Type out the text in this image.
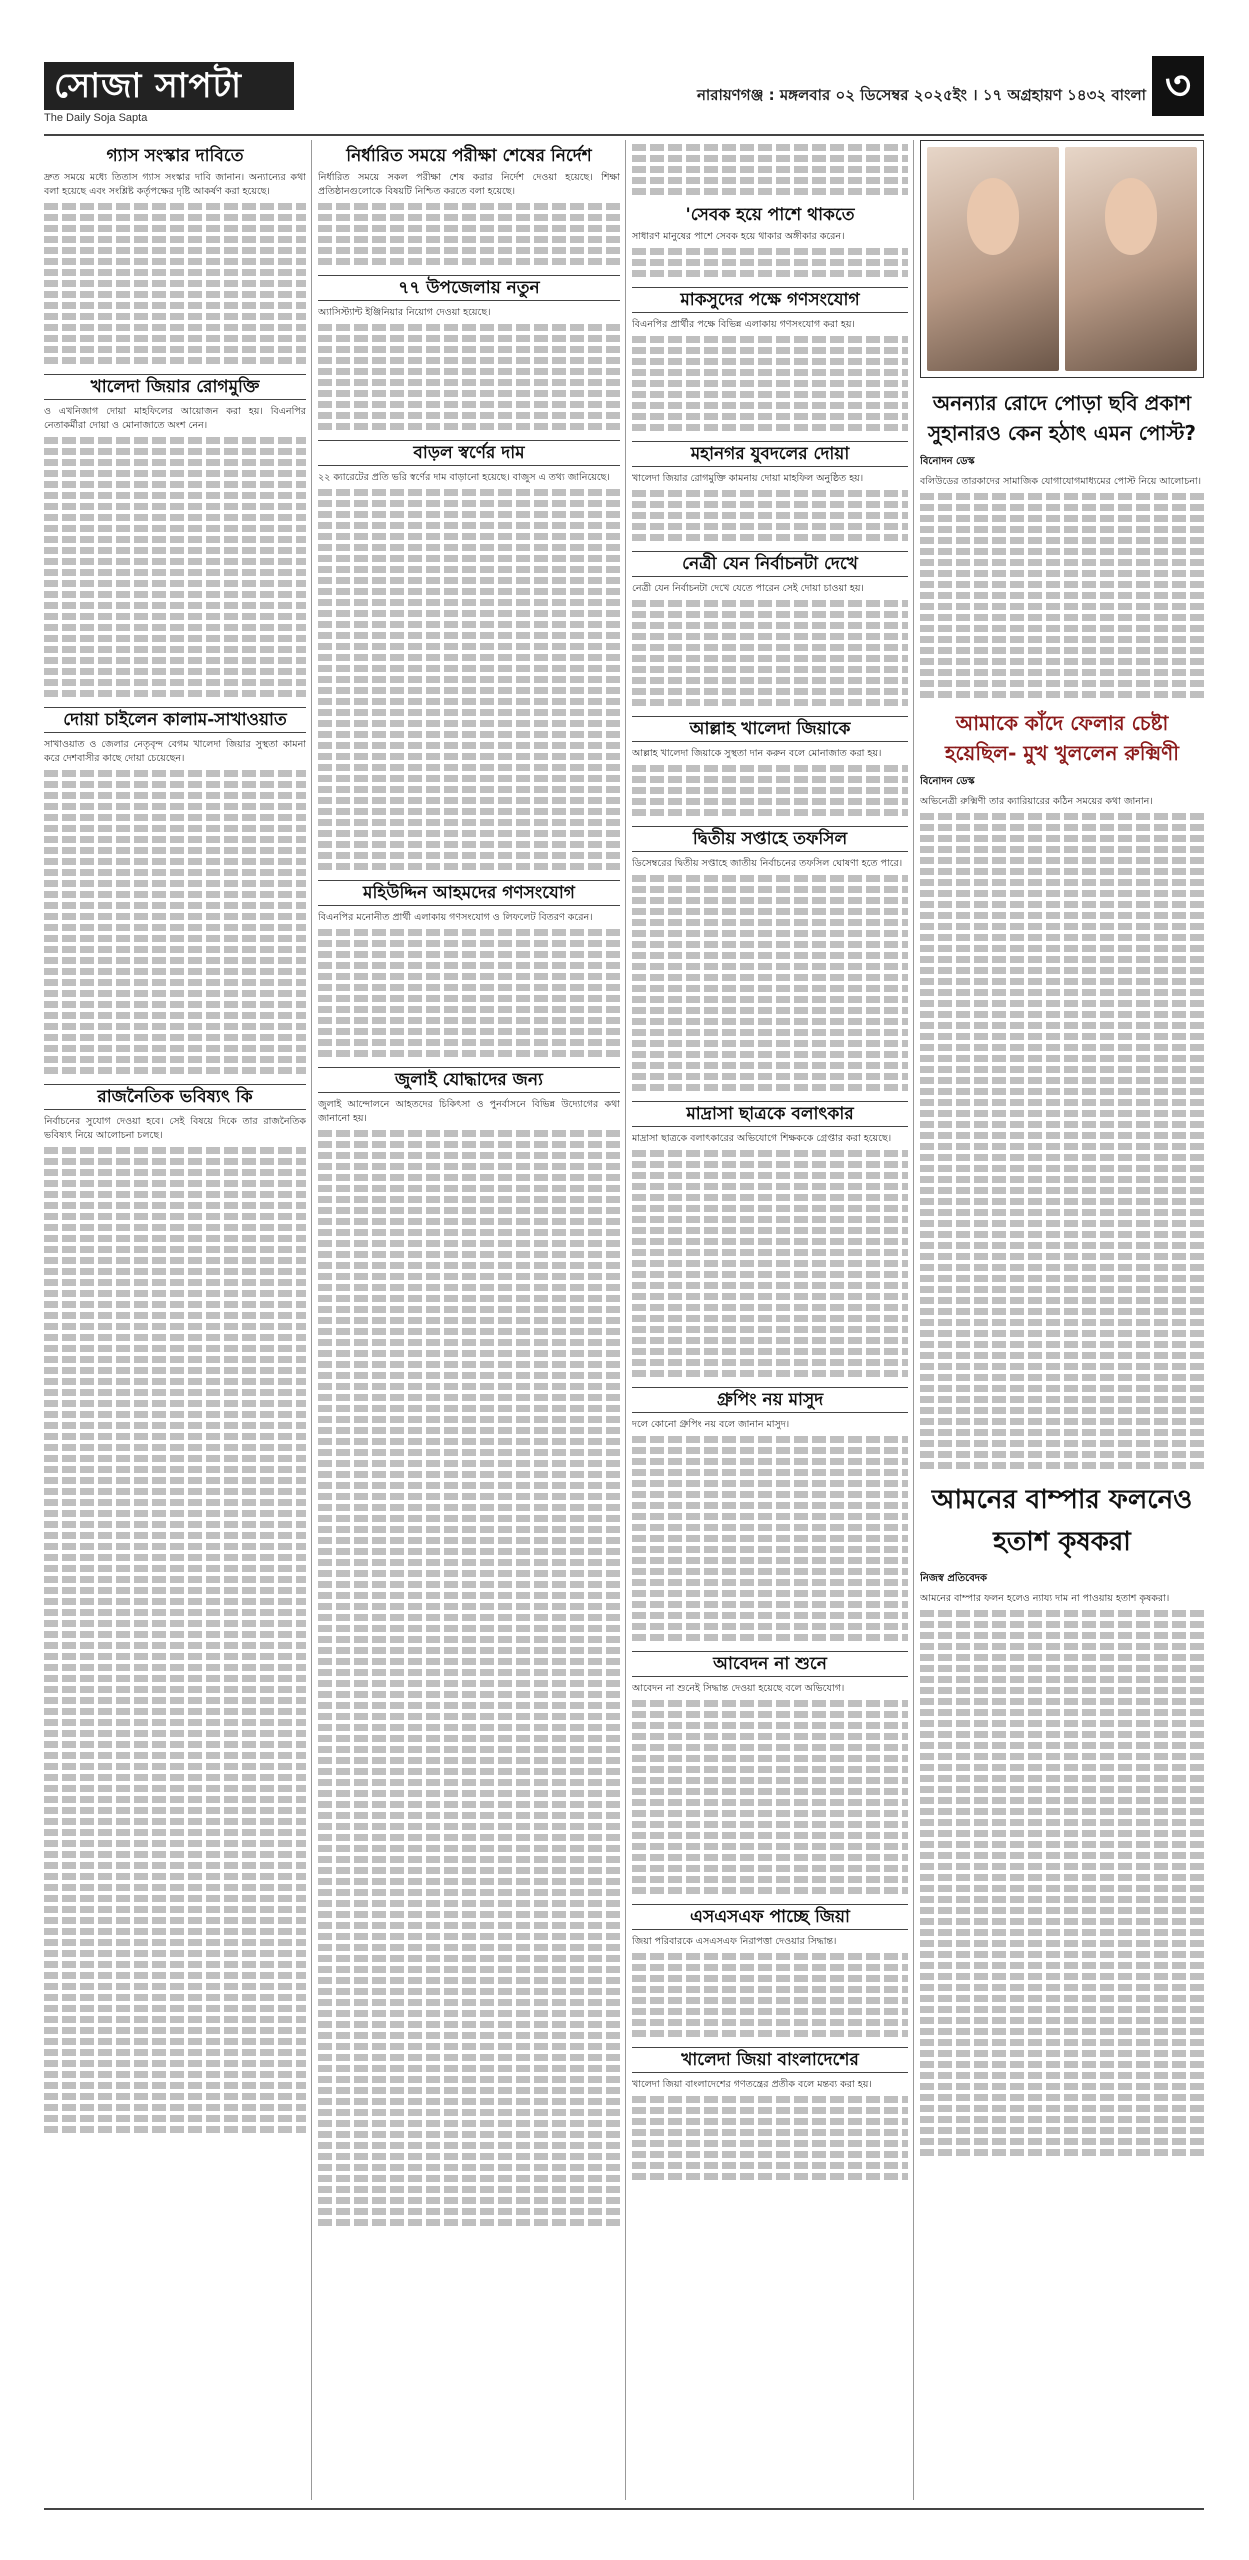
সোজা সাপটা
The Daily Soja Sapta
নারায়ণগঞ্জ : মঙ্গলবার ০২ ডিসেম্বর ২০২৫ইং । ১৭ অগ্রহায়ণ ১৪৩২ বাংলা ৩
গ্যাস সংস্কার দাবিতে

দ্রুত সময়ে মধ্যে তিতাস গ্যাস সংস্কার দাবি জানান। অন্যান্যের কথা বলা হয়েছে এবং সংশ্লিষ্ট কর্তৃপক্ষের দৃষ্টি আকর্ষণ করা হয়েছে।

খালেদা জিয়ার রোগমুক্তি

ও এখনিজাগ দোয়া মাহফিলের আয়োজন করা হয়। বিএনপির নেতাকর্মীরা দোয়া ও মোনাজাতে অংশ নেন।

দোয়া চাইলেন কালাম-সাখাওয়াত

সাখাওয়াত ও জেলার নেতৃবৃন্দ বেগম খালেদা জিয়ার সুস্থতা কামনা করে দেশবাসীর কাছে দোয়া চেয়েছেন।

রাজনৈতিক ভবিষ্যৎ কি

নির্বাচনের সুযোগ দেওয়া হবে। সেই বিষয়ে দিকে তার রাজনৈতিক ভবিষ্যৎ নিয়ে আলোচনা চলছে।

নির্ধারিত সময়ে পরীক্ষা শেষের নির্দেশ

নির্ধারিত সময়ে সকল পরীক্ষা শেষ করার নির্দেশ দেওয়া হয়েছে। শিক্ষা প্রতিষ্ঠানগুলোকে বিষয়টি নিশ্চিত করতে বলা হয়েছে।

৭৭ উপজেলায় নতুন

অ্যাসিস্ট্যান্ট ইঞ্জিনিয়ার নিয়োগ দেওয়া হয়েছে।

বাড়ল স্বর্ণের দাম

২২ ক্যারেটের প্রতি ভরি স্বর্ণের দাম বাড়ানো হয়েছে। বাজুস এ তথ্য জানিয়েছে।

মহিউদ্দিন আহমদের গণসংযোগ

বিএনপির মনোনীত প্রার্থী এলাকায় গণসংযোগ ও লিফলেট বিতরণ করেন।

জুলাই যোদ্ধাদের জন্য

জুলাই আন্দোলনে আহতদের চিকিৎসা ও পুনর্বাসনে বিভিন্ন উদ্যোগের কথা জানানো হয়।

'সেবক হয়ে পাশে থাকতে

সাধারণ মানুষের পাশে সেবক হয়ে থাকার অঙ্গীকার করেন।

মাকসুদের পক্ষে গণসংযোগ

বিএনপির প্রার্থীর পক্ষে বিভিন্ন এলাকায় গণসংযোগ করা হয়।

মহানগর যুবদলের দোয়া

খালেদা জিয়ার রোগমুক্তি কামনায় দোয়া মাহফিল অনুষ্ঠিত হয়।

নেত্রী যেন নির্বাচনটা দেখে

নেত্রী যেন নির্বাচনটা দেখে যেতে পারেন সেই দোয়া চাওয়া হয়।

আল্লাহ খালেদা জিয়াকে

আল্লাহ খালেদা জিয়াকে সুস্থতা দান করুন বলে মোনাজাত করা হয়।

দ্বিতীয় সপ্তাহে তফসিল

ডিসেম্বরের দ্বিতীয় সপ্তাহে জাতীয় নির্বাচনের তফসিল ঘোষণা হতে পারে।

মাদ্রাসা ছাত্রকে বলাৎকার

মাদ্রাসা ছাত্রকে বলাৎকারের অভিযোগে শিক্ষককে গ্রেপ্তার করা হয়েছে।

গ্রুপিং নয় মাসুদ

দলে কোনো গ্রুপিং নয় বলে জানান মাসুদ।

আবেদন না শুনে

আবেদন না শুনেই সিদ্ধান্ত দেওয়া হয়েছে বলে অভিযোগ।

এসএসএফ পাচ্ছে জিয়া

জিয়া পরিবারকে এসএসএফ নিরাপত্তা দেওয়ার সিদ্ধান্ত।

খালেদা জিয়া বাংলাদেশের

খালেদা জিয়া বাংলাদেশের গণতন্ত্রের প্রতীক বলে মন্তব্য করা হয়।

অনন্যার রোদে পোড়া ছবি প্রকাশ সুহানারও কেন হঠাৎ এমন পোস্ট?
বিনোদন ডেস্ক

বলিউডের তারকাদের সামাজিক যোগাযোগমাধ্যমের পোস্ট নিয়ে আলোচনা।

আমাকে কাঁদে ফেলার চেষ্টা হয়েছিল- মুখ খুললেন রুক্মিণী
বিনোদন ডেস্ক

অভিনেত্রী রুক্মিণী তার ক্যারিয়ারের কঠিন সময়ের কথা জানান।

আমনের বাম্পার ফলনেও হতাশ কৃষকরা
নিজস্ব প্রতিবেদক

আমনের বাম্পার ফলন হলেও ন্যায্য দাম না পাওয়ায় হতাশ কৃষকরা।
